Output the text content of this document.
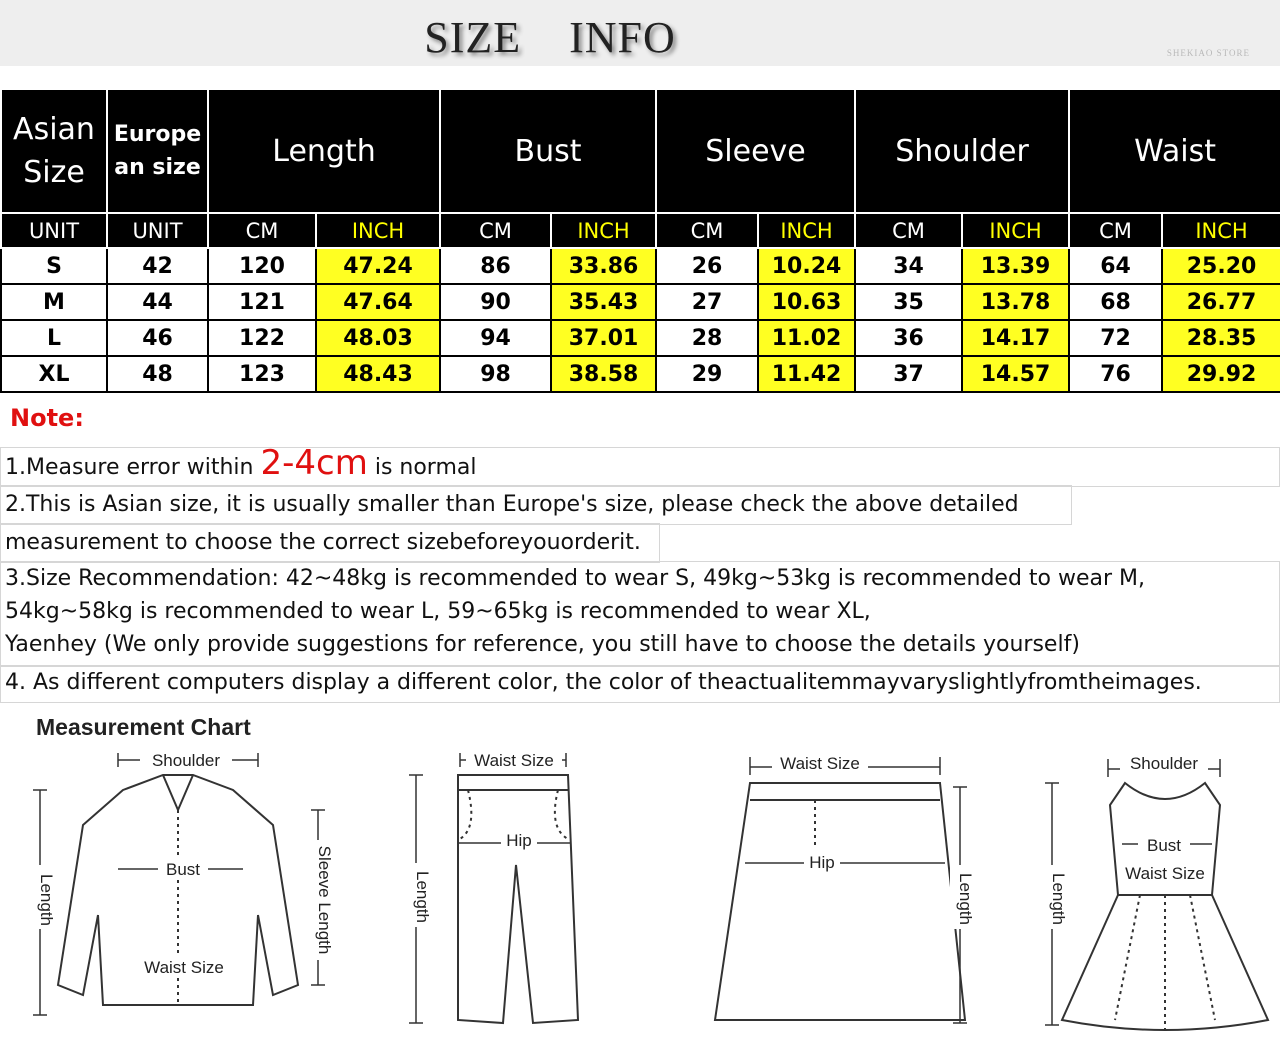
SIZE INFO	SHEKIAO STORE
Asian Size	Europe an size	Length		Bust		Sleeve		Shoulder		Waist	
UNIT	UNIT	CM	INCH	CM	INCH	CM	INCH	CM	INCH	CM	INCH
S	42	120	47.24	86	33.86	26	10.24	34	13.39	64	25.20
M	44	121	47.64	90	35.43	27	10.63	35	13.78	68	26.77
L	46	122	48.03	94	37.01	28	11.02	36	14.17	72	28.35
XL	48	123	48.43	98	38.58	29	11.42	37	14.57	76	29.92
Note:
1.Measure error within 2-4cm is normal
2.This is Asian size, it is usually smaller than Europe's size, please check the above detailed
measurement to choose the correct sizebeforeyouorderit.
3.Size Recommendation: 42~48kg is recommended to wear S, 49kg~53kg is recommended to wear M,
54kg~58kg is recommended to wear L, 59~65kg is recommended to wear XL,
Yaenhey (We only provide suggestions for reference, you still have to choose the details yourself)
4. As different computers display a different color, the color of theactualitemmayvaryslightlyfromtheimages.
Measurement Chart
Shoulder
Bust
Waist Size
Length	Sleeve Length
Waist Size
Hip
Length
Waist Size
Hip
Length
Shoulder
Bust
Waist Size
Length
